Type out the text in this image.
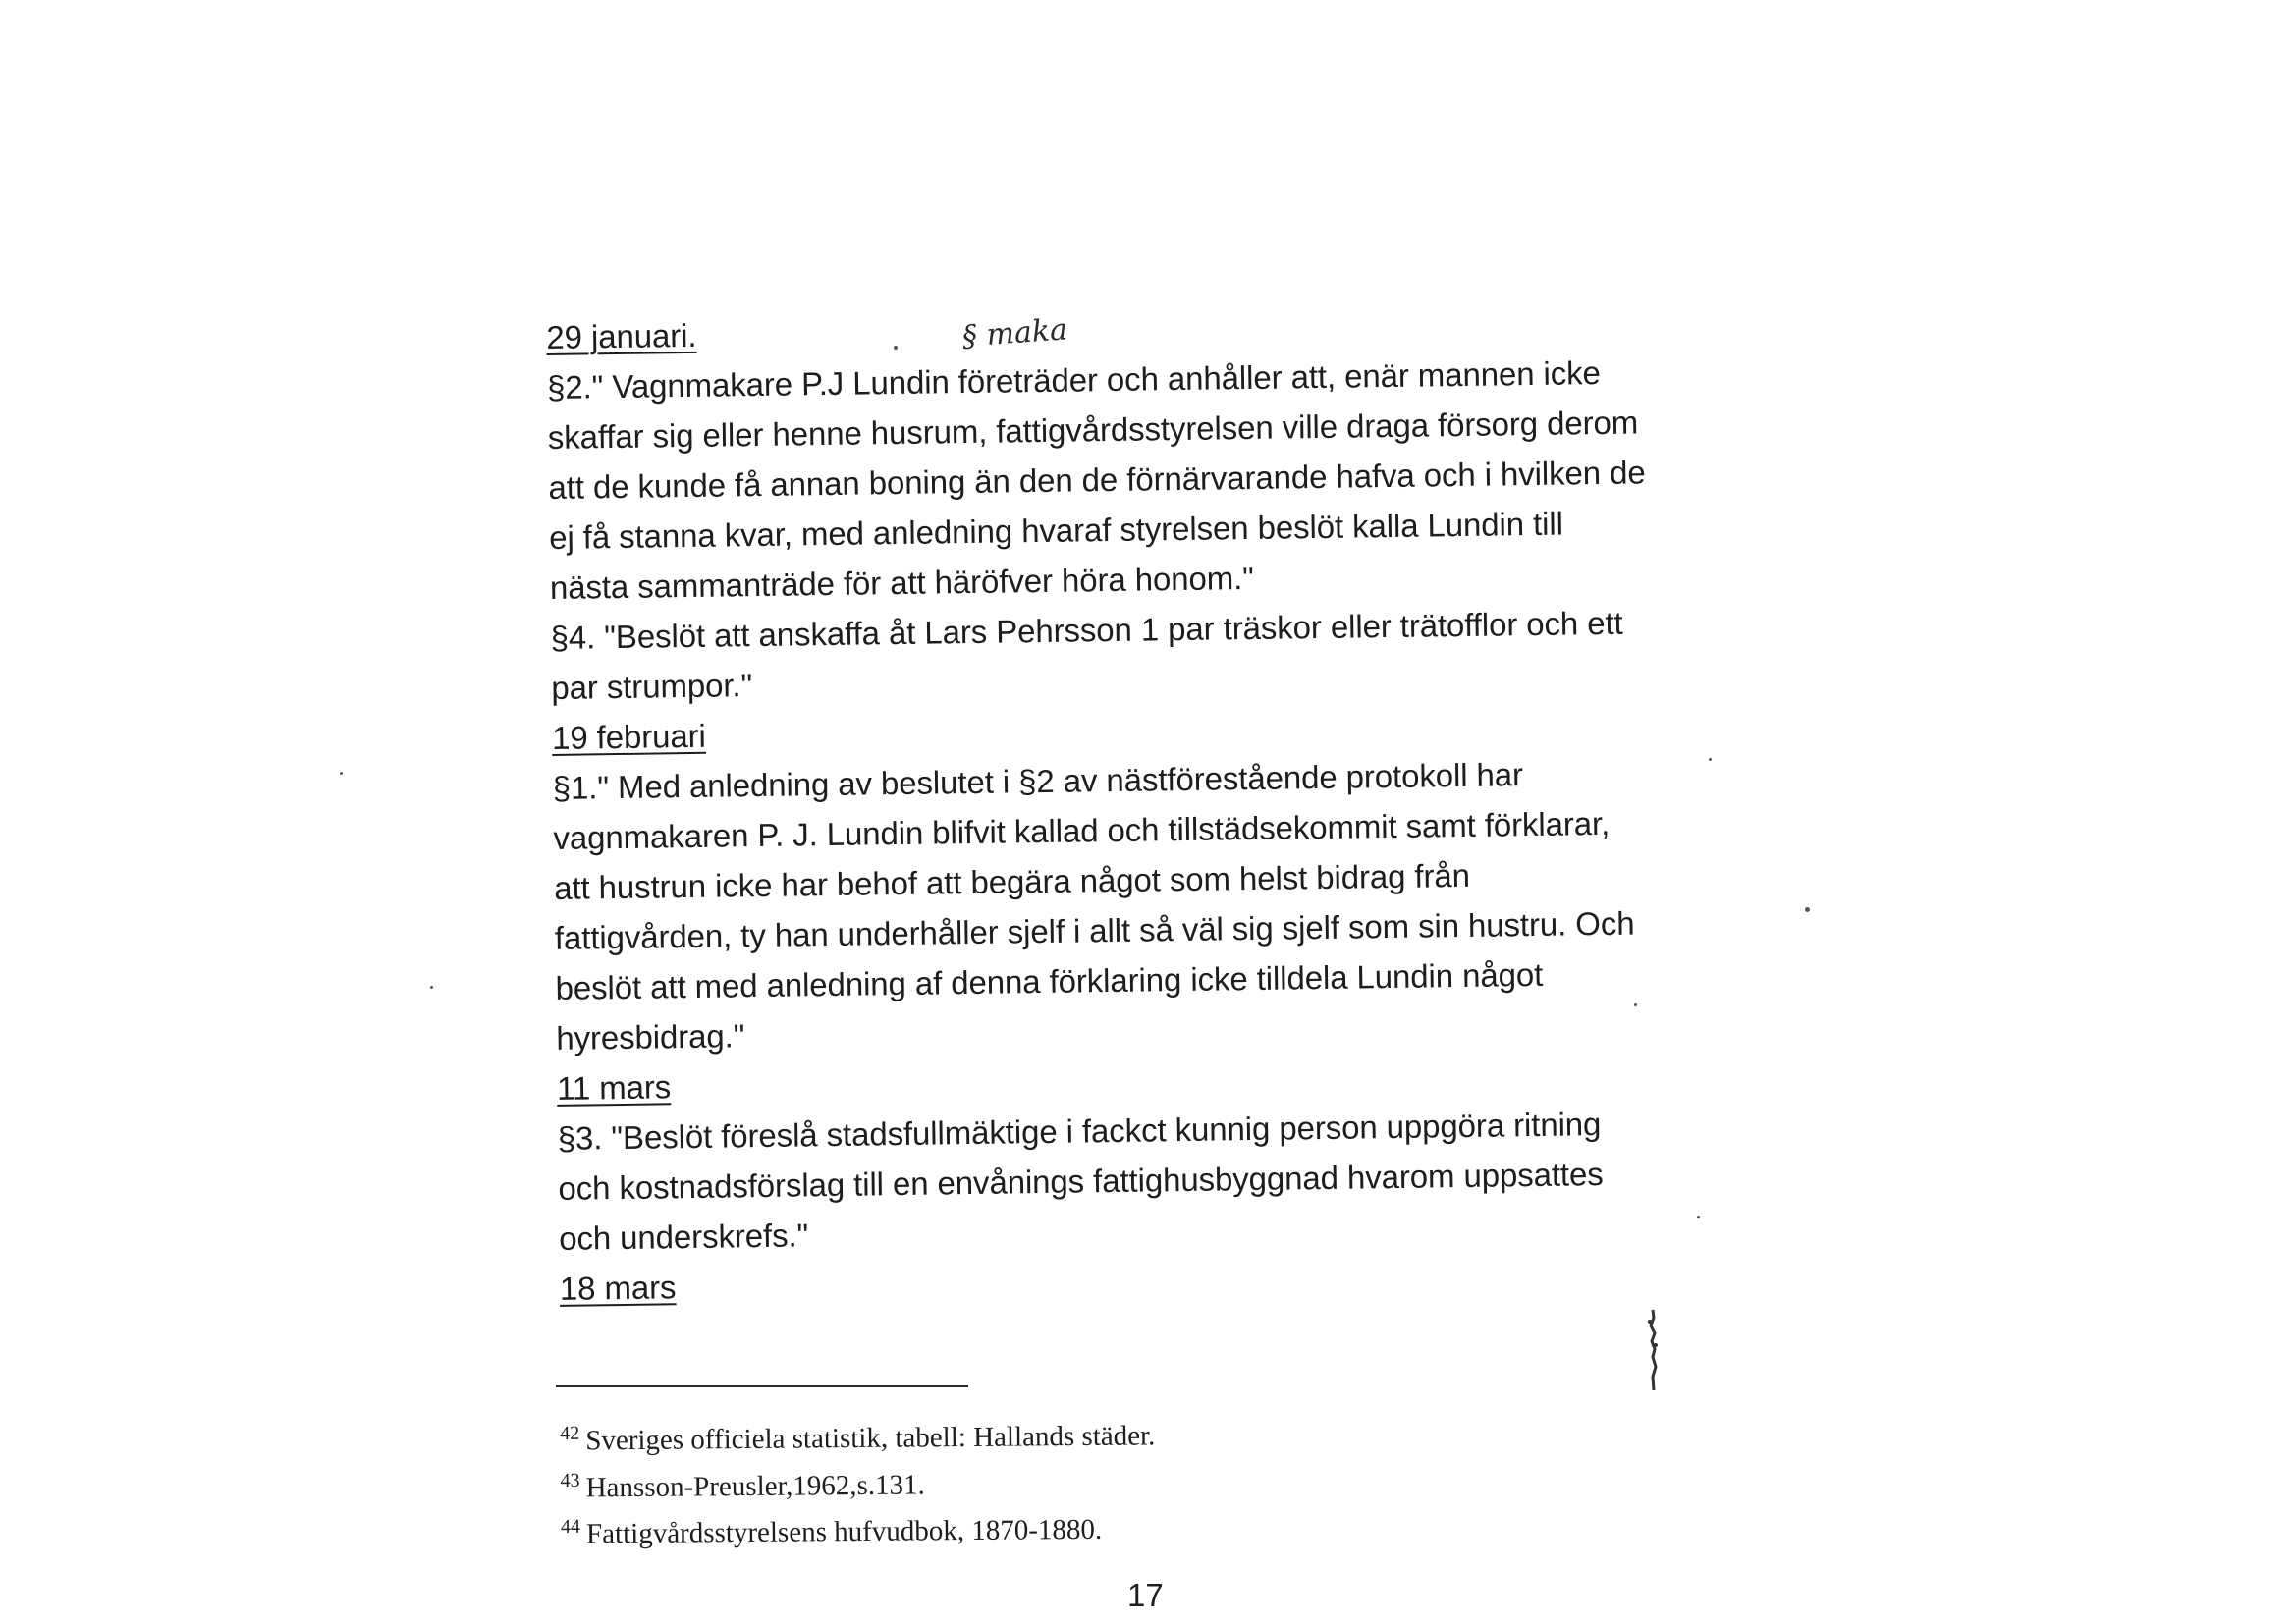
§ maka

29 januari.

§2." Vagnmakare P.J Lundin företräder och anhåller att, enär mannen icke

skaffar sig eller henne husrum, fattigvårdsstyrelsen ville draga försorg derom

att de kunde få annan boning än den de förnärvarande hafva och i hvilken de

ej få stanna kvar, med anledning hvaraf styrelsen beslöt kalla Lundin till

nästa sammanträde för att häröfver höra honom."

§4. "Beslöt att anskaffa åt Lars Pehrsson 1 par träskor eller trätofflor och ett

par strumpor."

19 februari

§1." Med anledning av beslutet i §2 av nästförestående protokoll har

vagnmakaren P. J. Lundin blifvit kallad och tillstädsekommit samt förklarar,

att hustrun icke har behof att begära något som helst bidrag från

fattigvården, ty han underhåller sjelf i allt så väl sig sjelf som sin hustru. Och

beslöt att med anledning af denna förklaring icke tilldela Lundin något

hyresbidrag."

11 mars

§3. "Beslöt föreslå stadsfullmäktige i fackct kunnig person uppgöra ritning

och kostnadsförslag till en envånings fattighusbyggnad hvarom uppsattes

och underskrefs."

18 mars

$^{42}$ Sveriges officiela statistik, tabell: Hallands städer.

$^{43}$ Hansson-Preusler,1962,s.131.

$^{44}$ Fattigvårdsstyrelsens hufvudbok, 1870-1880.

17
